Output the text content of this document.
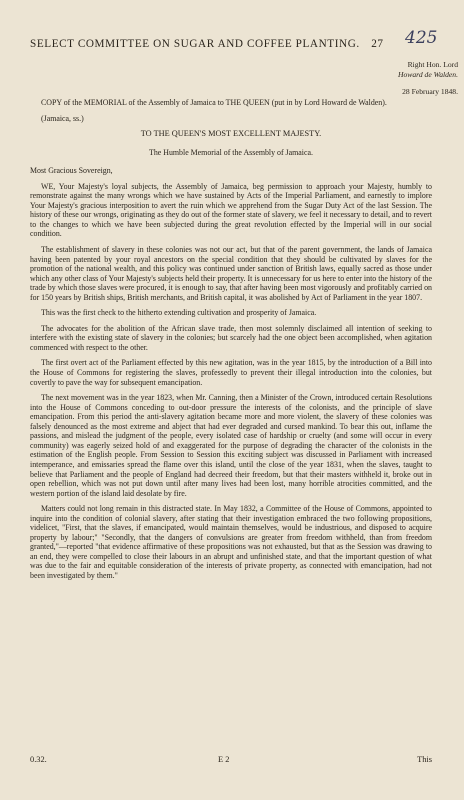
SELECT COMMITTEE ON SUGAR AND COFFEE PLANTING. 27	425
Right Hon. Lord
Howard de Walden.
28 February 1848.

COPY of the MEMORIAL of the Assembly of Jamaica to THE QUEEN (put in by Lord Howard de Walden).

(Jamaica, ss.)

TO THE QUEEN'S MOST EXCELLENT MAJESTY.

The Humble Memorial of the Assembly of Jamaica.

Most Gracious Sovereign,

WE, Your Majesty's loyal subjects, the Assembly of Jamaica, beg permission to approach your Majesty, humbly to remonstrate against the many wrongs which we have sustained by Acts of the Imperial Parliament, and earnestly to implore Your Majesty's gracious interposition to avert the ruin which we apprehend from the Sugar Duty Act of the last Session. The history of these our wrongs, originating as they do out of the former state of slavery, we feel it necessary to detail, and to revert to the changes to which we have been subjected during the great revolution effected by the Imperial will in our social condition.

The establishment of slavery in these colonies was not our act, but that of the parent government, the lands of Jamaica having been patented by your royal ancestors on the special condition that they should be cultivated by slaves for the promotion of the national wealth, and this policy was continued under sanction of British laws, equally sacred as those under which any other class of Your Majesty's subjects held their property. It is unnecessary for us here to enter into the history of the trade by which those slaves were procured, it is enough to say, that after having been most vigorously and profitably carried on for 150 years by British ships, British merchants, and British capital, it was abolished by Act of Parliament in the year 1807.

This was the first check to the hitherto extending cultivation and prosperity of Jamaica.

The advocates for the abolition of the African slave trade, then most solemnly disclaimed all intention of seeking to interfere with the existing state of slavery in the colonies; but scarcely had the one object been accomplished, when agitation commenced with respect to the other.

The first overt act of the Parliament effected by this new agitation, was in the year 1815, by the introduction of a Bill into the House of Commons for registering the slaves, professedly to prevent their illegal introduction into the colonies, but covertly to pave the way for subsequent emancipation.

The next movement was in the year 1823, when Mr. Canning, then a Minister of the Crown, introduced certain Resolutions into the House of Commons conceding to out-door pressure the interests of the colonists, and the principle of slave emancipation. From this period the anti-slavery agitation became more and more violent, the slavery of these colonies was falsely denounced as the most extreme and abject that had ever degraded and cursed mankind. To bear this out, inflame the passions, and mislead the judgment of the people, every isolated case of hardship or cruelty (and some will occur in every community) was eagerly seized hold of and exaggerated for the purpose of degrading the character of the colonists in the estimation of the English people. From Session to Session this exciting subject was discussed in Parliament with increased intemperance, and emissaries spread the flame over this island, until the close of the year 1831, when the slaves, taught to believe that Parliament and the people of England had decreed their freedom, but that their masters withheld it, broke out in open rebellion, which was not put down until after many lives had been lost, many horrible atrocities committed, and the western portion of the island laid desolate by fire.

Matters could not long remain in this distracted state. In May 1832, a Committee of the House of Commons, appointed to inquire into the condition of colonial slavery, after stating that their investigation embraced the two following propositions, videlicet, "First, that the slaves, if emancipated, would maintain themselves, would be industrious, and disposed to acquire property by labour;" "Secondly, that the dangers of convulsions are greater from freedom withheld, than from freedom granted,"—reported "that evidence affirmative of these propositions was not exhausted, but that as the Session was drawing to an end, they were compelled to close their labours in an abrupt and unfinished state, and that the important question of what was due to the fair and equitable consideration of the interests of private property, as connected with emancipation, had not been investigated by them."

0.32.	E 2	This
